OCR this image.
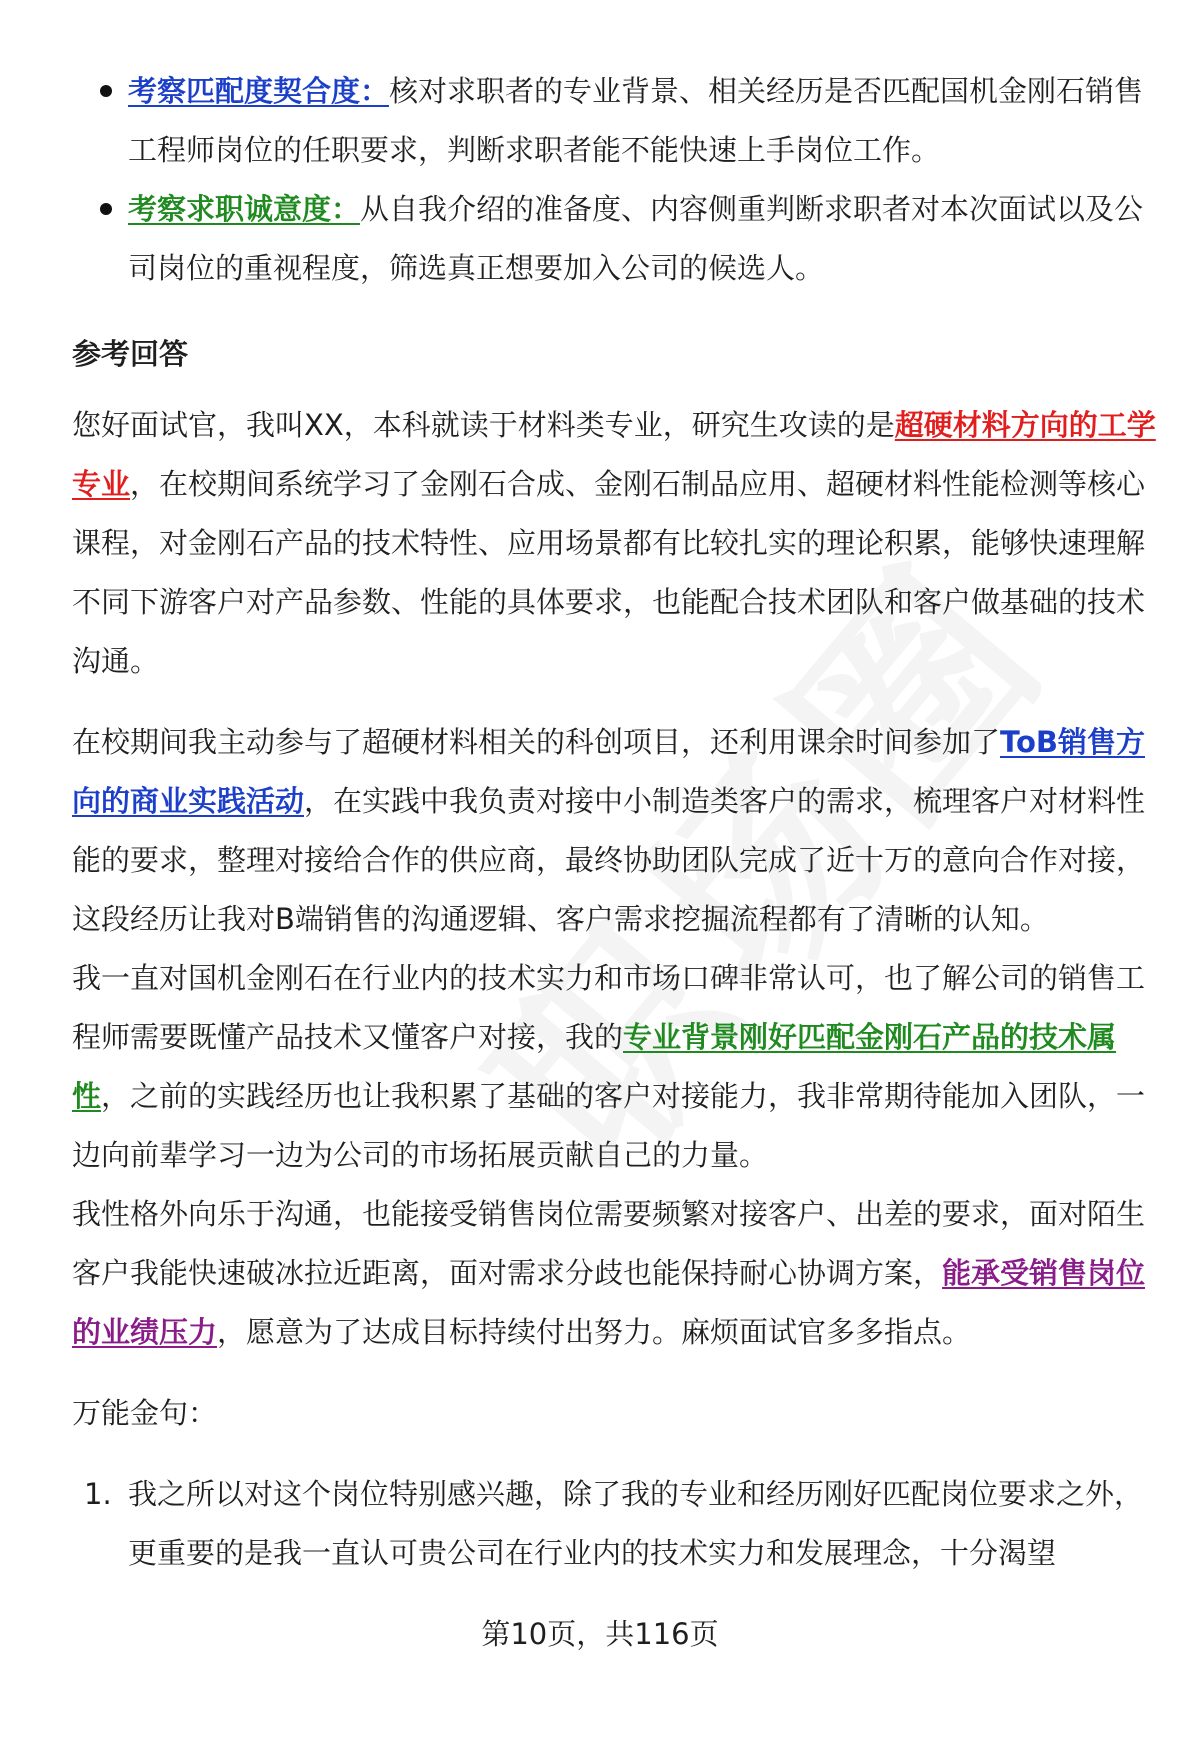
考察匹配度契合度：核对求职者的专业背景、相关经历是否匹配国机金刚石销售工程师岗位的任职要求，判断求职者能不能快速上手岗位工作。
考察求职诚意度：从自我介绍的准备度、内容侧重判断求职者对本次面试以及公司岗位的重视程度，筛选真正想要加入公司的候选人。
参考回答

您好面试官，我叫XX，本科就读于材料类专业，研究生攻读的是超硬材料方向的工学专业，在校期间系统学习了金刚石合成、金刚石制品应用、超硬材料性能检测等核心课程，对金刚石产品的技术特性、应用场景都有比较扎实的理论积累，能够快速理解不同下游客户对产品参数、性能的具体要求，也能配合技术团队和客户做基础的技术沟通。

在校期间我主动参与了超硬材料相关的科创项目，还利用课余时间参加了ToB销售方向的商业实践活动，在实践中我负责对接中小制造类客户的需求，梳理客户对材料性能的要求，整理对接给合作的供应商，最终协助团队完成了近十万的意向合作对接，这段经历让我对B端销售的沟通逻辑、客户需求挖掘流程都有了清晰的认知。

我一直对国机金刚石在行业内的技术实力和市场口碑非常认可，也了解公司的销售工程师需要既懂产品技术又懂客户对接，我的专业背景刚好匹配金刚石产品的技术属性，之前的实践经历也让我积累了基础的客户对接能力，我非常期待能加入团队，一边向前辈学习一边为公司的市场拓展贡献自己的力量。

我性格外向乐于沟通，也能接受销售岗位需要频繁对接客户、出差的要求，面对陌生客户我能快速破冰拉近距离，面对需求分歧也能保持耐心协调方案，能承受销售岗位的业绩压力，愿意为了达成目标持续付出努力。麻烦面试官多多指点。

万能金句：
1. 我之所以对这个岗位特别感兴趣，除了我的专业和经历刚好匹配岗位要求之外，更重要的是我一直认可贵公司在行业内的技术实力和发展理念，十分渴望
第10页，共116页
